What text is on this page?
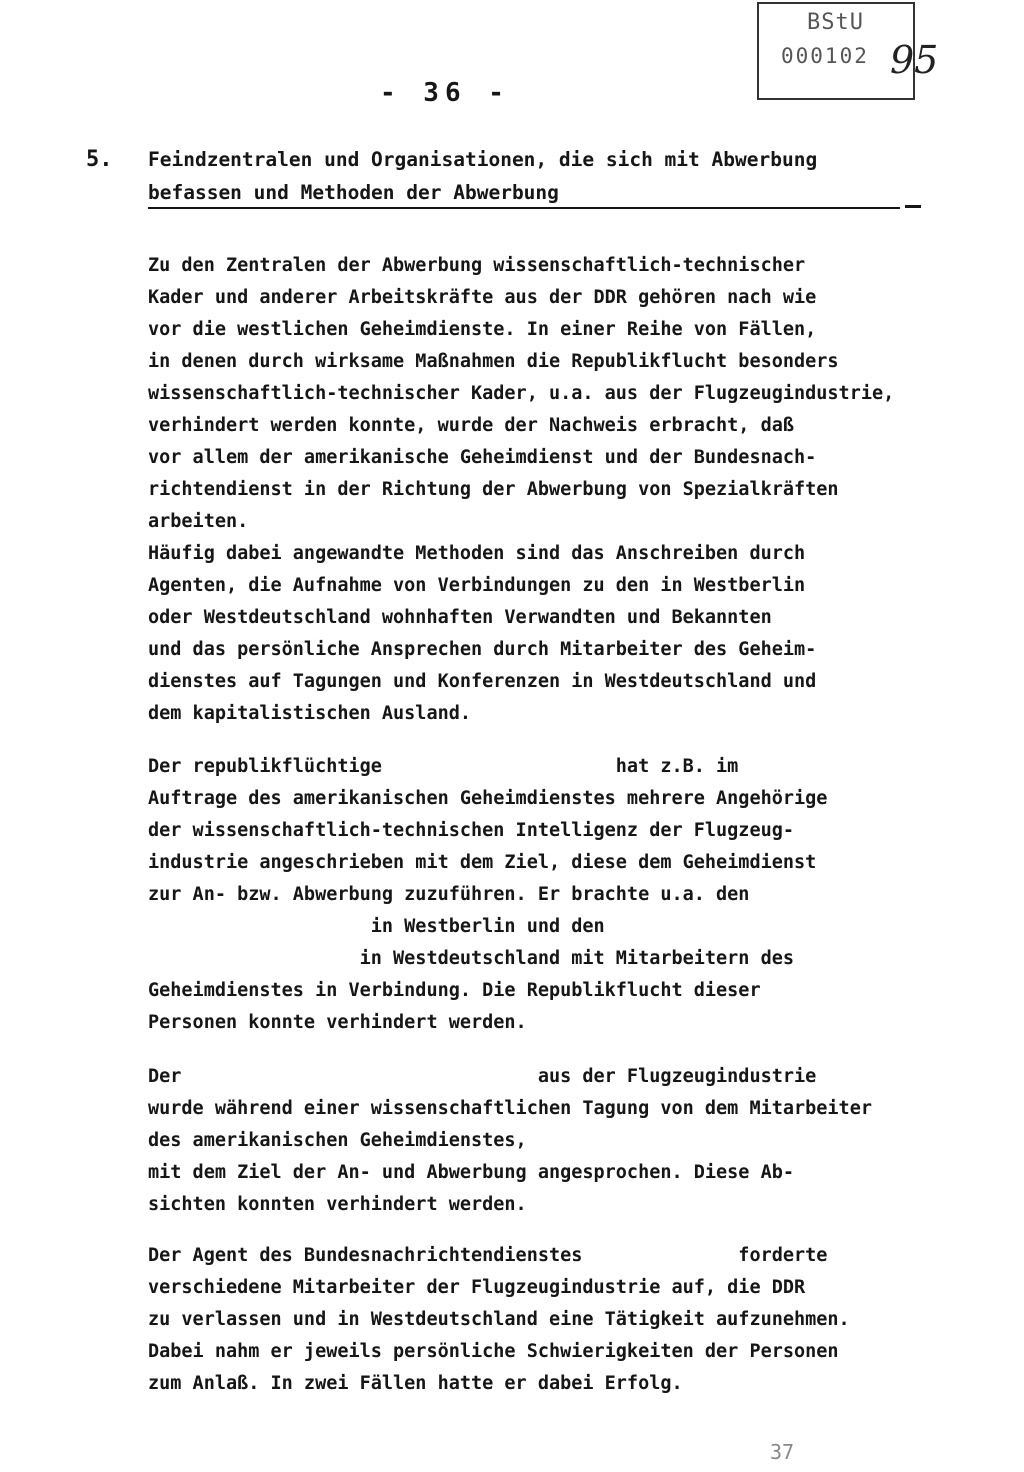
BStU
000102 95
- 36 -
5.

Feindzentralen und Organisationen, die sich mit Abwerbung

befassen und Methoden der Abwerbung

Zu den Zentralen der Abwerbung wissenschaftlich-technischer

Kader und anderer Arbeitskräfte aus der DDR gehören nach wie

vor die westlichen Geheimdienste. In einer Reihe von Fällen,

in denen durch wirksame Maßnahmen die Republikflucht besonders

wissenschaftlich-technischer Kader, u.a. aus der Flugzeugindustrie,

verhindert werden konnte, wurde der Nachweis erbracht, daß

vor allem der amerikanische Geheimdienst und der Bundesnach-

richtendienst in der Richtung der Abwerbung von Spezialkräften

arbeiten.

Häufig dabei angewandte Methoden sind das Anschreiben durch

Agenten, die Aufnahme von Verbindungen zu den in Westberlin

oder Westdeutschland wohnhaften Verwandten und Bekannten

und das persönliche Ansprechen durch Mitarbeiter des Geheim-

dienstes auf Tagungen und Konferenzen in Westdeutschland und

dem kapitalistischen Ausland.

Der republikflüchtige                     hat z.B. im

Auftrage des amerikanischen Geheimdienstes mehrere Angehörige

der wissenschaftlich-technischen Intelligenz der Flugzeug-

industrie angeschrieben mit dem Ziel, diese dem Geheimdienst

zur An- bzw. Abwerbung zuzuführen. Er brachte u.a. den

in Westberlin und den

in Westdeutschland mit Mitarbeitern des

Geheimdienstes in Verbindung. Die Republikflucht dieser

Personen konnte verhindert werden.

Der                                aus der Flugzeugindustrie

wurde während einer wissenschaftlichen Tagung von dem Mitarbeiter

des amerikanischen Geheimdienstes,

mit dem Ziel der An- und Abwerbung angesprochen. Diese Ab-

sichten konnten verhindert werden.

Der Agent des Bundesnachrichtendienstes              forderte

verschiedene Mitarbeiter der Flugzeugindustrie auf, die DDR

zu verlassen und in Westdeutschland eine Tätigkeit aufzunehmen.

Dabei nahm er jeweils persönliche Schwierigkeiten der Personen

zum Anlaß. In zwei Fällen hatte er dabei Erfolg.

37
